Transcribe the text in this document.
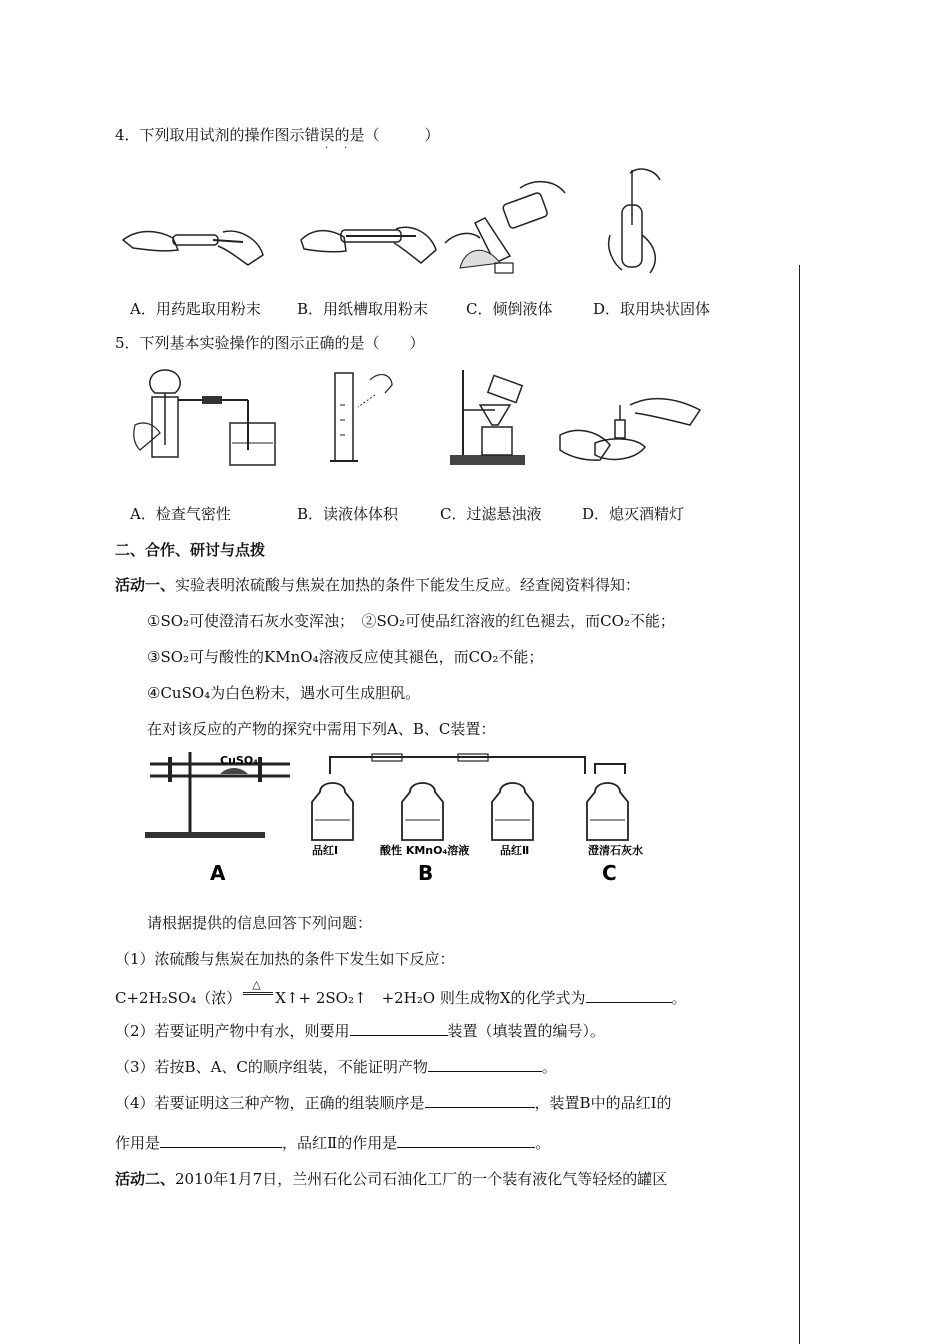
4．下列取用试剂的操作图示错误的是（　　　）
· ·
A．用药匙取用粉末 B．用纸槽取用粉末	C．倾倒液体	D．取用块状固体
5．下列基本实验操作的图示正确的是（　　）
A．检查气密性	B．读液体体积	C．过滤悬浊液	D．熄灭酒精灯
二、合作、研讨与点拨
活动一、实验表明浓硫酸与焦炭在加热的条件下能发生反应。经查阅资料得知：
①SO₂可使澄清石灰水变浑浊；　②SO₂可使品红溶液的红色褪去，而CO₂不能；
③SO₂可与酸性的KMnO₄溶液反应使其褪色，而CO₂不能；
④CuSO₄为白色粉末，遇水可生成胆矾。
在对该反应的产物的探究中需用下列A、B、C装置：
CuSO₄
A
品红Ⅰ	酸性 KMnO₄溶液	品红Ⅱ
B
澄清石灰水
C
请根据提供的信息回答下列问题：
（1）浓硫酸与焦炭在加热的条件下发生如下反应：
C+2H₂SO₄（浓）
△
X↑+ 2SO₂↑　+2H₂O 则生成物X的化学式为	。
（2）若要证明产物中有水，则要用	装置（填装置的编号）。
（3）若按B、A、C的顺序组装，不能证明产物	。
（4）若要证明这三种产物，正确的组装顺序是	，装置B中的品红Ⅰ的
作用是	，品红Ⅱ的作用是	。
活动二、2010年1月7日，兰州石化公司石油化工厂的一个装有液化气等轻烃的罐区
